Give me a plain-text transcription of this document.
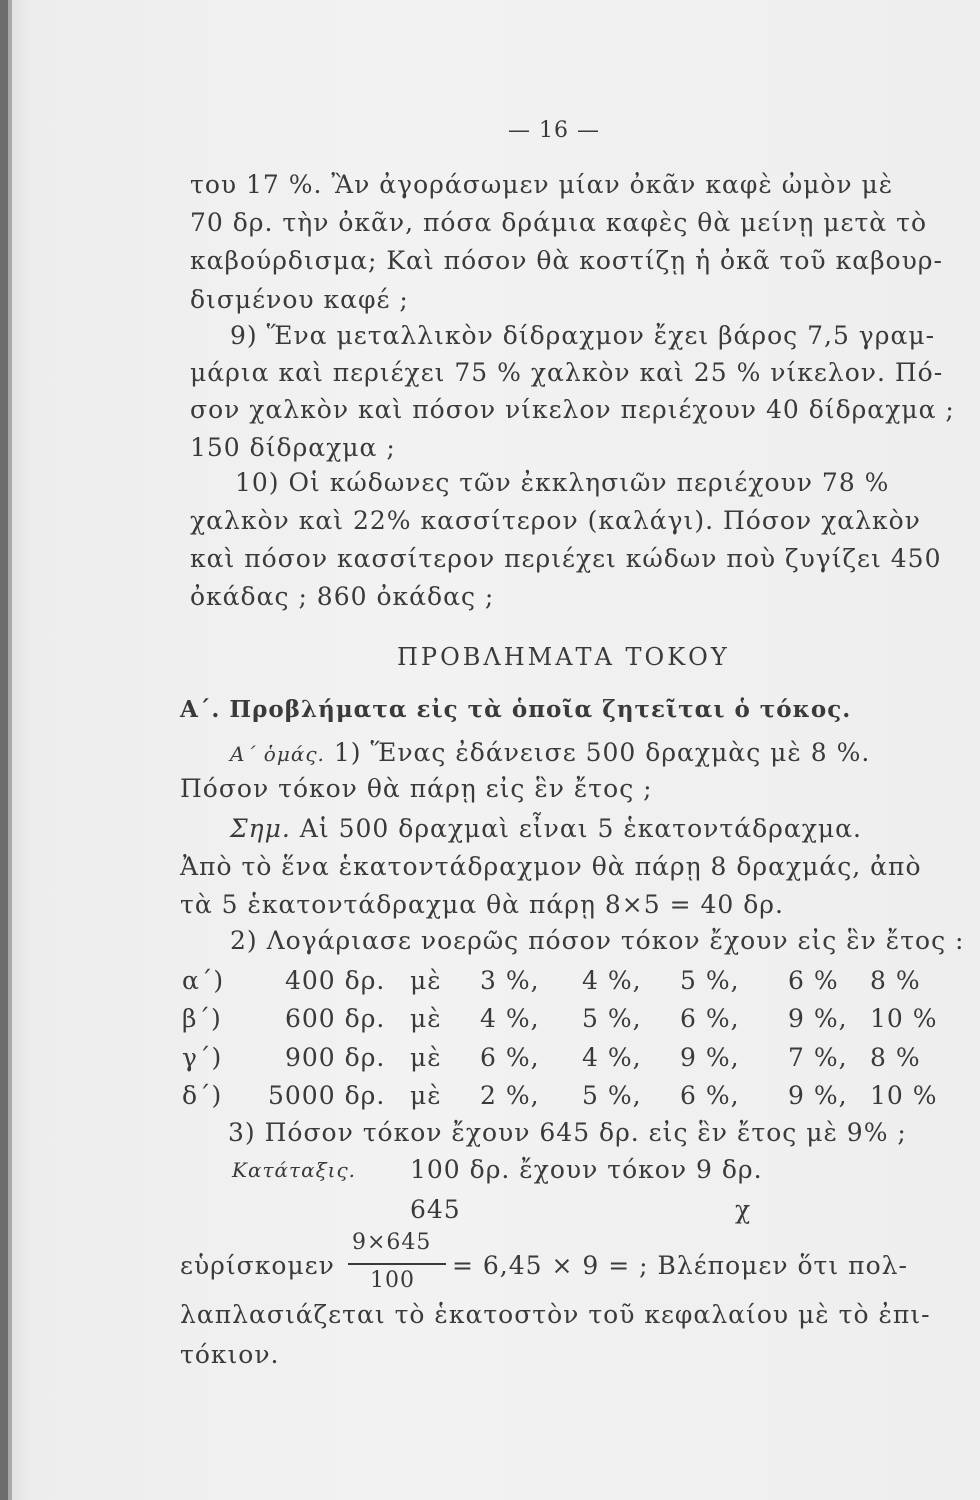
— 16 —
του 17 %. Ἂν ἀγοράσωμεν μίαν ὀκᾶν καφὲ ὠμὸν μὲ
70 δρ. τὴν ὀκᾶν, πόσα δράμια καφὲς θὰ μείνῃ μετὰ τὸ
καβούρδισμα; Καὶ πόσον θὰ κοστίζῃ ἡ ὀκᾶ τοῦ καβουρ-
δισμένου καφέ ;
9) Ἕνα μεταλλικὸν δίδραχμον ἔχει βάρος 7,5 γραμ-
μάρια καὶ περιέχει 75 % χαλκὸν καὶ 25 % νίκελον. Πό-
σον χαλκὸν καὶ πόσον νίκελον περιέχουν 40 δίδραχμα ;
150 δίδραχμα ;
10) Οἱ κώδωνες τῶν ἐκκλησιῶν περιέχουν 78 %
χαλκὸν καὶ 22% κασσίτερον (καλάγι). Πόσον χαλκὸν
καὶ πόσον κασσίτερον περιέχει κώδων ποὺ ζυγίζει 450
ὀκάδας ; 860 ὀκάδας ;
ΠΡΟΒΛΗΜΑΤΑ ΤΟΚΟΥ
Α΄. Προβλήματα εἰς τὰ ὁποῖα ζητεῖται ὁ τόκος.
Α΄ ὁμάς. 1) Ἕνας ἐδάνεισε 500 δραχμὰς μὲ 8 %.
Πόσον τόκον θὰ πάρῃ εἰς ἓν ἔτος ;
Σημ. Αἱ 500 δραχμαὶ εἶναι 5 ἑκατοντάδραχμα.
Ἀπὸ τὸ ἕνα ἑκατοντάδραχμον θὰ πάρῃ 8 δραχμάς, ἀπὸ
τὰ 5 ἑκατοντάδραχμα θὰ πάρῃ 8×5 = 40 δρ.
2) Λογάριασε νοερῶς πόσον τόκον ἔχουν εἰς ἓν ἔτος :
α΄) 400 δρ. μὲ 3 %, 4 %, 5 %, 6 % 8 %
β΄)	600 δρ. μὲ 4 %, 5 %, 6 %, 9 %, 10 %
γ΄)	900 δρ. μὲ 6 %, 4 %, 9 %, 7 %, 8 %
δ΄) 5000 δρ. μὲ 2 %, 5 %, 6 %, 9 %, 10 %
3) Πόσον τόκον ἔχουν 645 δρ. εἰς ἓν ἔτος μὲ 9% ;
Κατάταξις. 100 δρ. ἔχουν τόκον 9 δρ.
645	χ
εὑρίσκομεν
9×645
100
= 6,45 × 9 = ; Βλέπομεν ὅτι πολ-
λαπλασιάζεται τὸ ἑκατοστὸν τοῦ κεφαλαίου μὲ τὸ ἐπι-
τόκιον.
